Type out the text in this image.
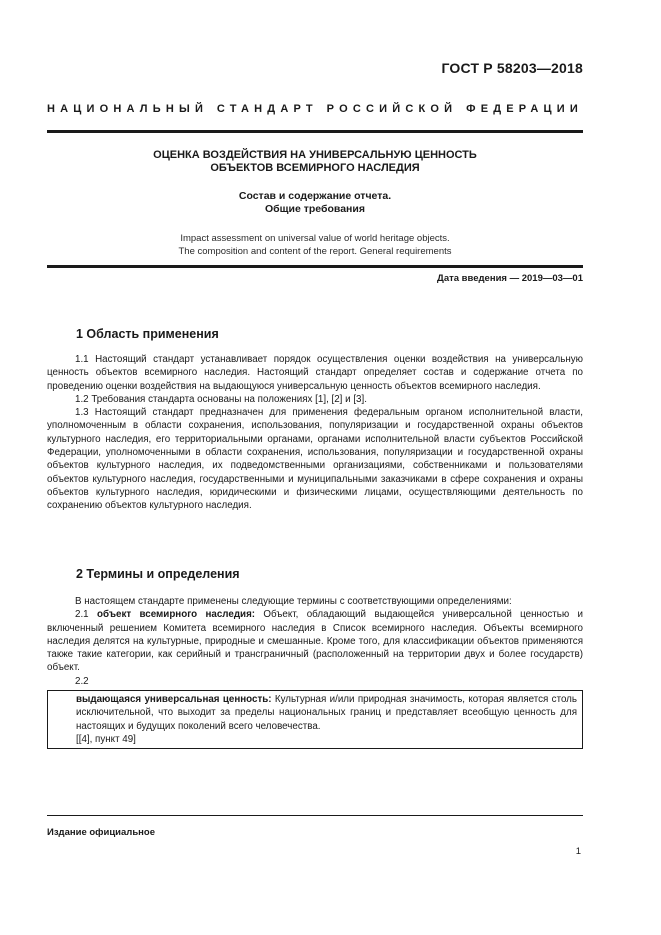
ГОСТ Р 58203—2018
НАЦИОНАЛЬНЫЙ СТАНДАРТ РОССИЙСКОЙ ФЕДЕРАЦИИ
ОЦЕНКА ВОЗДЕЙСТВИЯ НА УНИВЕРСАЛЬНУЮ ЦЕННОСТЬ
ОБЪЕКТОВ ВСЕМИРНОГО НАСЛЕДИЯ
Состав и содержание отчета.
Общие требования
Impact assessment on universal value of world heritage objects.
The composition and content of the report. General requirements
Дата введения — 2019—03—01
1 Область применения

1.1 Настоящий стандарт устанавливает порядок осуществления оценки воздействия на универсальную ценность объектов всемирного наследия. Настоящий стандарт определяет состав и содержание отчета по проведению оценки воздействия на выдающуюся универсальную ценность объектов всемирного наследия.

1.2 Требования стандарта основаны на положениях [1], [2] и [3].

1.3 Настоящий стандарт предназначен для применения федеральным органом исполнительной власти, уполномоченным в области сохранения, использования, популяризации и государственной охраны объектов культурного наследия, его территориальными органами, органами исполнительной власти субъектов Российской Федерации, уполномоченными в области сохранения, использования, популяризации и государственной охраны объектов культурного наследия, их подведомственными организациями, собственниками и пользователями объектов культурного наследия, государственными и муниципальными заказчиками в сфере сохранения и охраны объектов культурного наследия, юридическими и физическими лицами, осуществляющими деятельность по сохранению объектов культурного наследия.

2 Термины и определения

В настоящем стандарте применены следующие термины с соответствующими определениями:

2.1 объект всемирного наследия: Объект, обладающий выдающейся универсальной ценностью и включенный решением Комитета всемирного наследия в Список всемирного наследия. Объекты всемирного наследия делятся на культурные, природные и смешанные. Кроме того, для классификации объектов применяются также такие категории, как серийный и трансграничный (расположенный на территории двух и более государств) объект.

2.2

выдающаяся универсальная ценность: Культурная и/или природная значимость, которая является столь исключительной, что выходит за пределы национальных границ и представляет всеобщую ценность для настоящих и будущих поколений всего человечества.

[[4], пункт 49]

Издание официальное
1
